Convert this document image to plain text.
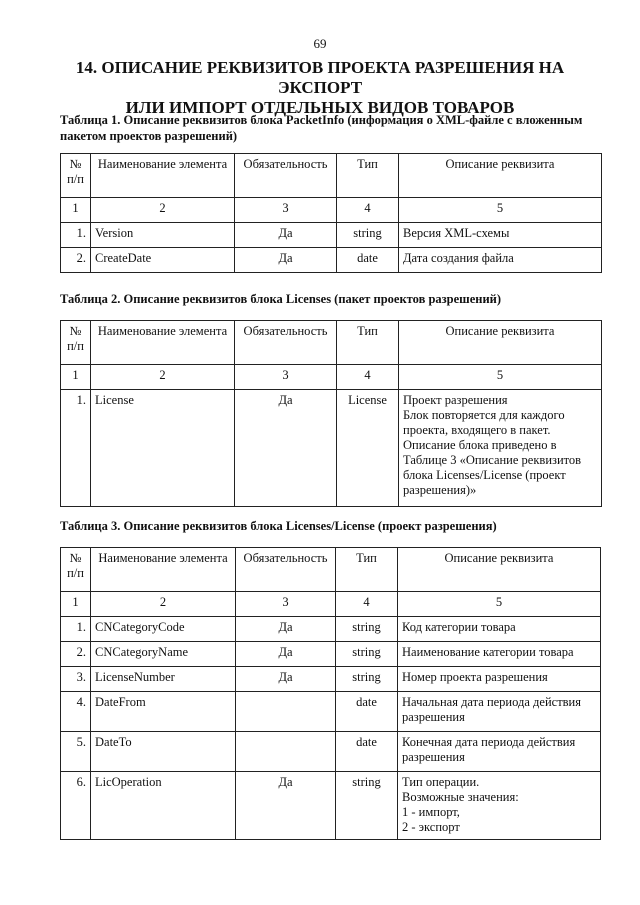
69
14. ОПИСАНИЕ РЕКВИЗИТОВ ПРОЕКТА РАЗРЕШЕНИЯ НА ЭКСПОРТ
ИЛИ ИМПОРТ ОТДЕЛЬНЫХ ВИДОВ ТОВАРОВ
Таблица 1. Описание реквизитов блока PacketInfo (информация о XML-файле с вложенным
пакетом проектов разрешений)
№ п/п	Наименование элемента	Обязательность	Тип	Описание реквизита
1	2	3	4	5
1.	Version	Да	string	Версия XML-схемы
2.	CreateDate	Да	date	Дата создания файла
Таблица 2. Описание реквизитов блока Licenses (пакет проектов разрешений)
№ п/п	Наименование элемента	Обязательность	Тип	Описание реквизита
1	2	3	4	5
1.	License	Да	License	Проект разрешения
Блок повторяется для каждого проекта, входящего в пакет.
Описание блока приведено в Таблице 3 «Описание реквизитов блока Licenses/License (проект разрешения)»
Таблица 3. Описание реквизитов блока Licenses/License (проект разрешения)
№ п/п	Наименование элемента	Обязательность	Тип	Описание реквизита
1	2	3	4	5
1.	CNCategoryCode	Да	string	Код категории товара
2.	CNCategoryName	Да	string	Наименование категории товара
3.	LicenseNumber	Да	string	Номер проекта разрешения
4.	DateFrom		date	Начальная дата периода действия разрешения
5.	DateTo		date	Конечная дата периода действия разрешения
6.	LicOperation	Да	string	Тип операции.
Возможные значения:
1 - импорт,
2 - экспорт
